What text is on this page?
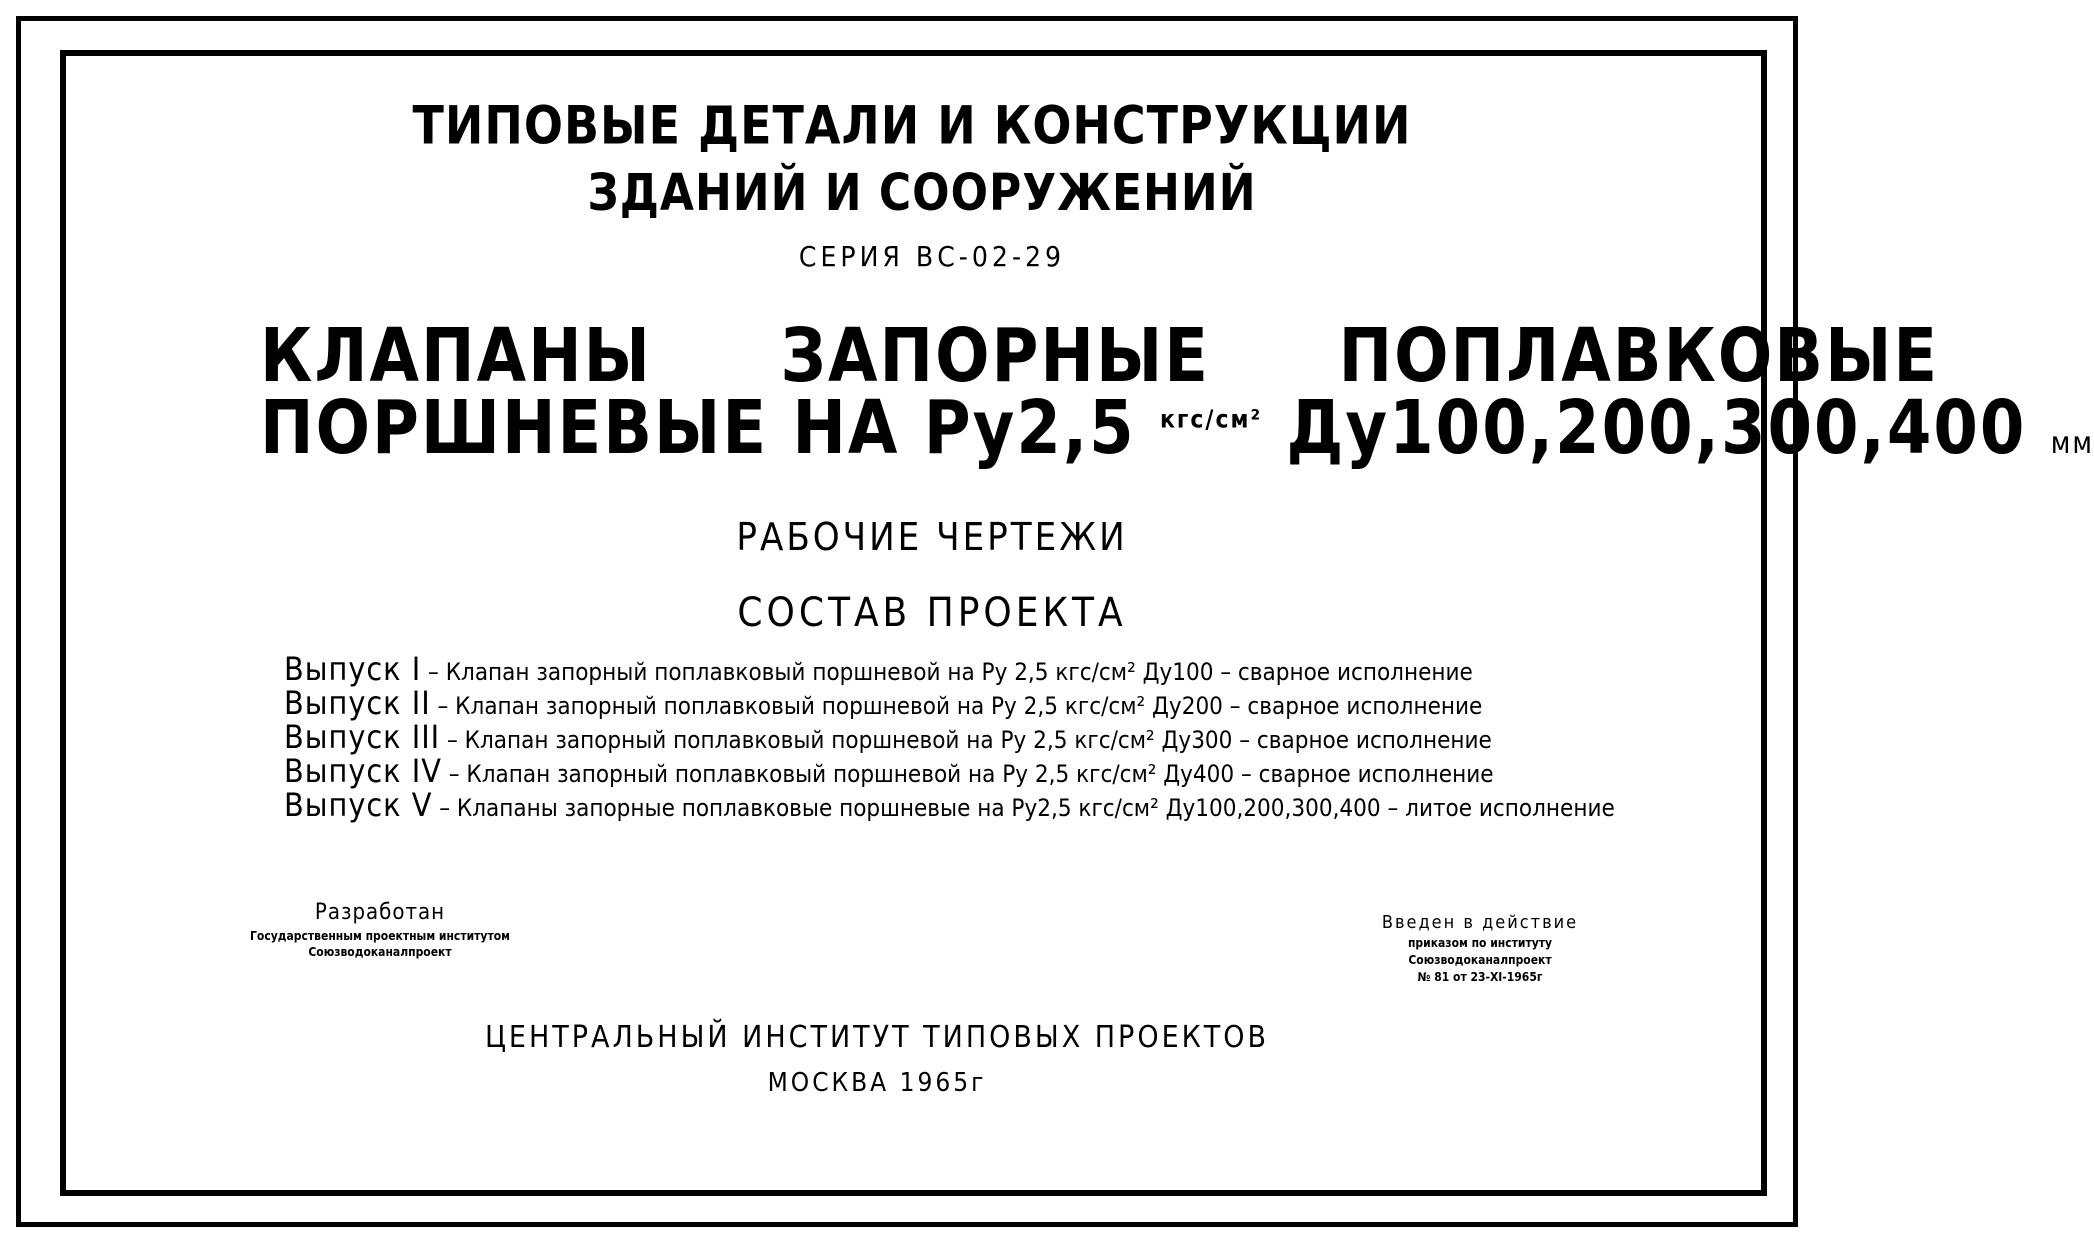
ТИПОВЫЕ ДЕТАЛИ И КОНСТРУКЦИИ
ЗДАНИЙ И СООРУЖЕНИЙ
СЕРИЯ ВС-02-29
КЛАПАНЫ ЗАПОРНЫЕ ПОПЛАВКОВЫЕ
ПОРШНЕВЫЕ НА Ру2,5 $^{кгс/см^2}$ Ду100,200,300,400 мм
РАБОЧИЕ ЧЕРТЕЖИ
СОСТАВ ПРОЕКТА
Выпуск I – Клапан запорный поплавковый поршневой на Ру 2,5 кгс/см² Ду100 – сварное исполнение
Выпуск II – Клапан запорный поплавковый поршневой на Ру 2,5 кгс/см² Ду200 – сварное исполнение
Выпуск III – Клапан запорный поплавковый поршневой на Ру 2,5 кгс/см² Ду300 – сварное исполнение
Выпуск IV – Клапан запорный поплавковый поршневой на Ру 2,5 кгс/см² Ду400 – сварное исполнение
Выпуск V – Клапаны запорные поплавковые поршневые на Ру2,5 кгс/см² Ду100,200,300,400 – литое исполнение
Разработан
Государственным проектным институтом
Союзводоканалпроект
Введен в действие
приказом по институту
Союзводоканалпроект
№ 81 от 23-XI-1965г
ЦЕНТРАЛЬНЫЙ ИНСТИТУТ ТИПОВЫХ ПРОЕКТОВ
МОСКВА 1965г
